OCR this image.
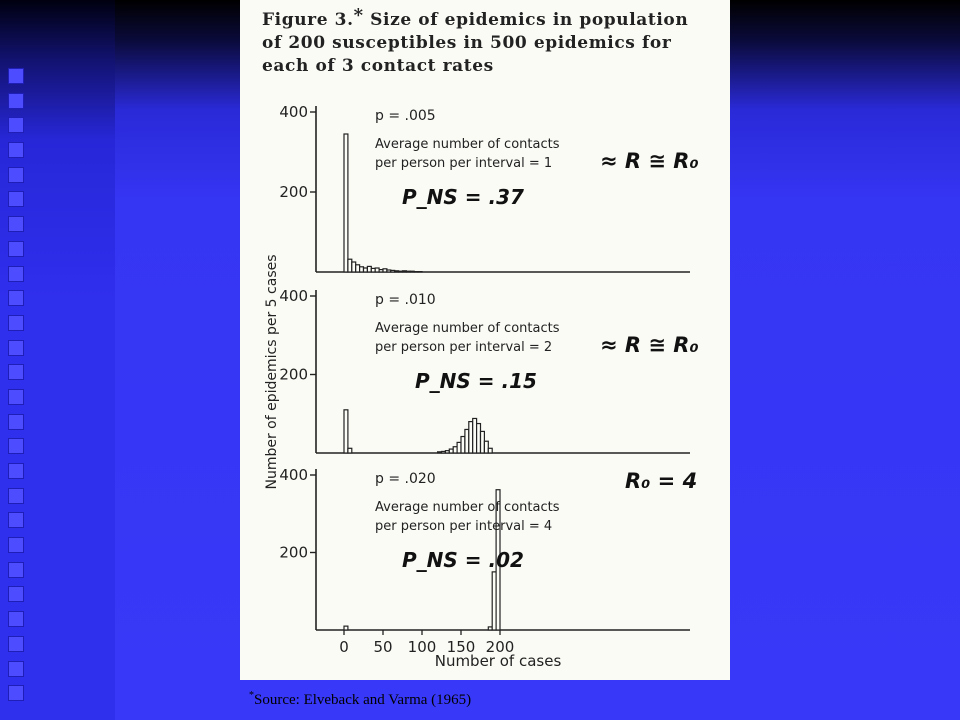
Figure 3.* Size of epidemics in population of 200 susceptibles in 500 epidemics for each of 3 contact rates
400
200
p = .005
Average number of contacts
per person per interval = 1 ≈ R ≅ R₀
P_NS = .37
400
200
p = .010
Average number of contacts
per person per interval = 2 ≈ R ≅ R₀
P_NS = .15
400
200
p = .020
Average number of contacts
per person per interval = 4
R₀ = 4
P_NS = .02
0 50 100 150 200
Number of cases
Number of epidemics per 5 cases
*Source: Elveback and Varma (1965)
